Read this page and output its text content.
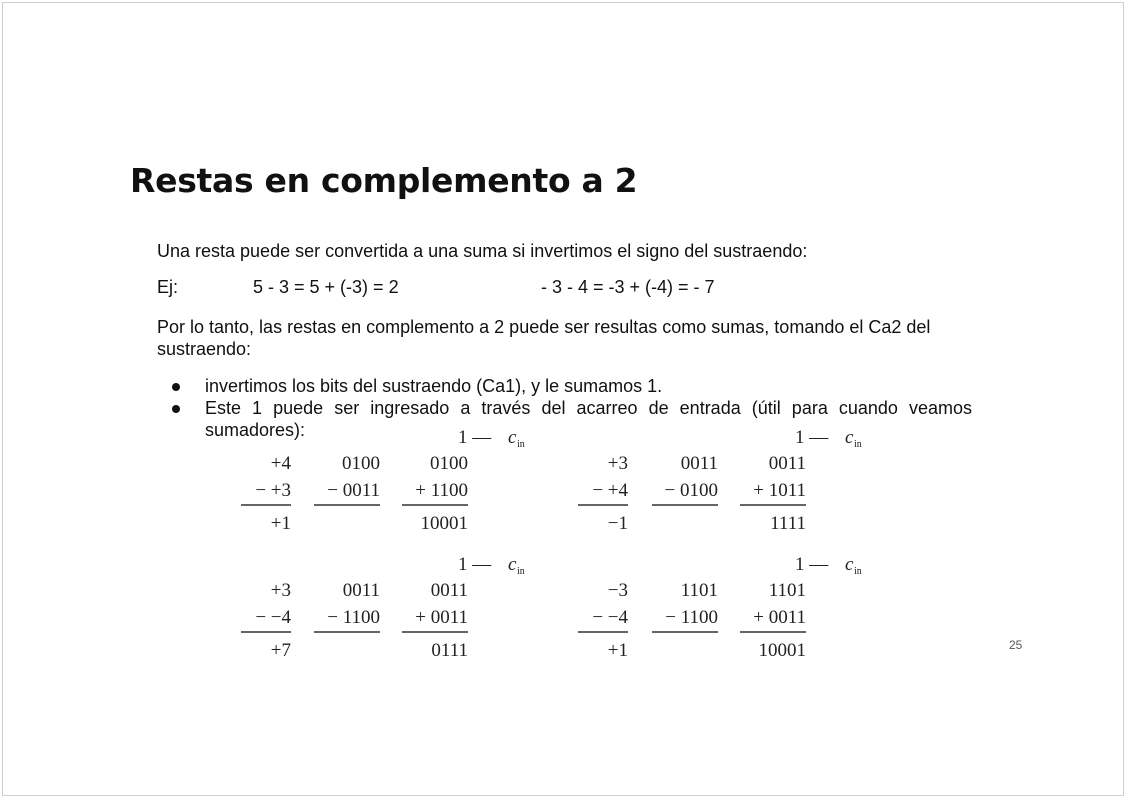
Restas en complemento a 2
Una resta puede ser convertida a una suma si invertimos el signo del sustraendo:
Ej:	5 - 3 = 5 + (-3) = 2	- 3 - 4 = -3 + (-4) = - 7
Por lo tanto, las restas en complemento a 2 puede ser resultas como sumas, tomando el Ca2 del sustraendo:
invertimos los bits del sustraendo (Ca1), y le sumamos 1.
Este 1 puede ser ingresado a través del acarreo de entrada (útil para cuando veamos sumadores):
25
1 — c in
+4
− +3
+1
0100
− 0011
0100
+ 1100
10001
1 — c in
+3
− +4
−1
0011
− 0100
0011
+ 1011
1111
1 — c in
+3
− −4
+7
0011
− 1100
0011
+ 0011
0111
1 — c in
−3
− −4
+1
1101
− 1100
1101
+ 0011
10001
